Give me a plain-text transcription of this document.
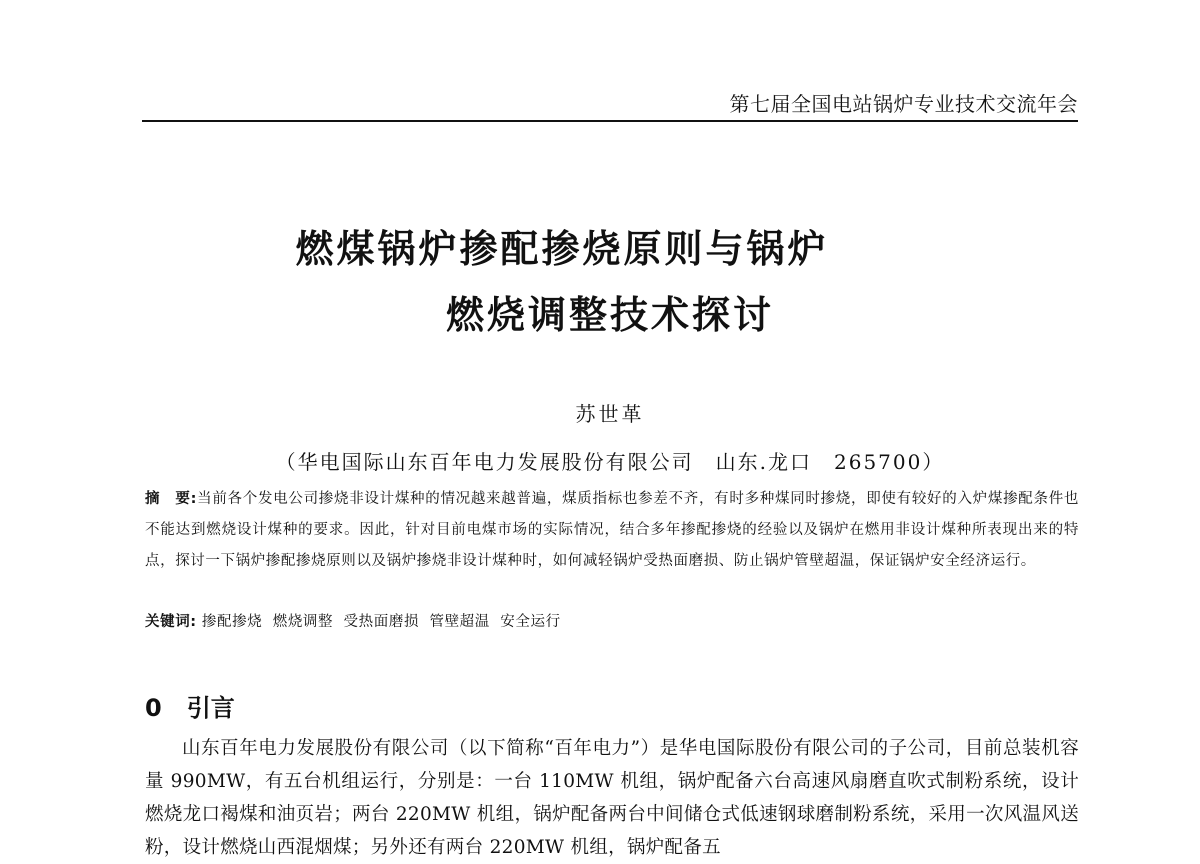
第七届全国电站锅炉专业技术交流年会
燃煤锅炉掺配掺烧原则与锅炉
燃烧调整技术探讨
苏世革
（华电国际山东百年电力发展股份有限公司　山东.龙口　265700）
摘　要:当前各个发电公司掺烧非设计煤种的情况越来越普遍，煤质指标也参差不齐，有时多种煤同时掺烧，即使有较好的入炉煤掺配条件也不能达到燃烧设计煤种的要求。因此，针对目前电煤市场的实际情况，结合多年掺配掺烧的经验以及锅炉在燃用非设计煤种所表现出来的特点，探讨一下锅炉掺配掺烧原则以及锅炉掺烧非设计煤种时，如何减轻锅炉受热面磨损、防止锅炉管壁超温，保证锅炉安全经济运行。
关键词: 掺配掺烧  燃烧调整  受热面磨损  管壁超温  安全运行
0 引言
山东百年电力发展股份有限公司（以下简称“百年电力”）是华电国际股份有限公司的子公司，目前总装机容量 990MW，有五台机组运行，分别是：一台 110MW 机组，锅炉配备六台高速风扇磨直吹式制粉系统，设计燃烧龙口褐煤和油页岩；两台 220MW 机组，锅炉配备两台中间储仓式低速钢球磨制粉系统，采用一次风温风送粉，设计燃烧山西混烟煤；另外还有两台 220MW 机组，锅炉配备五
